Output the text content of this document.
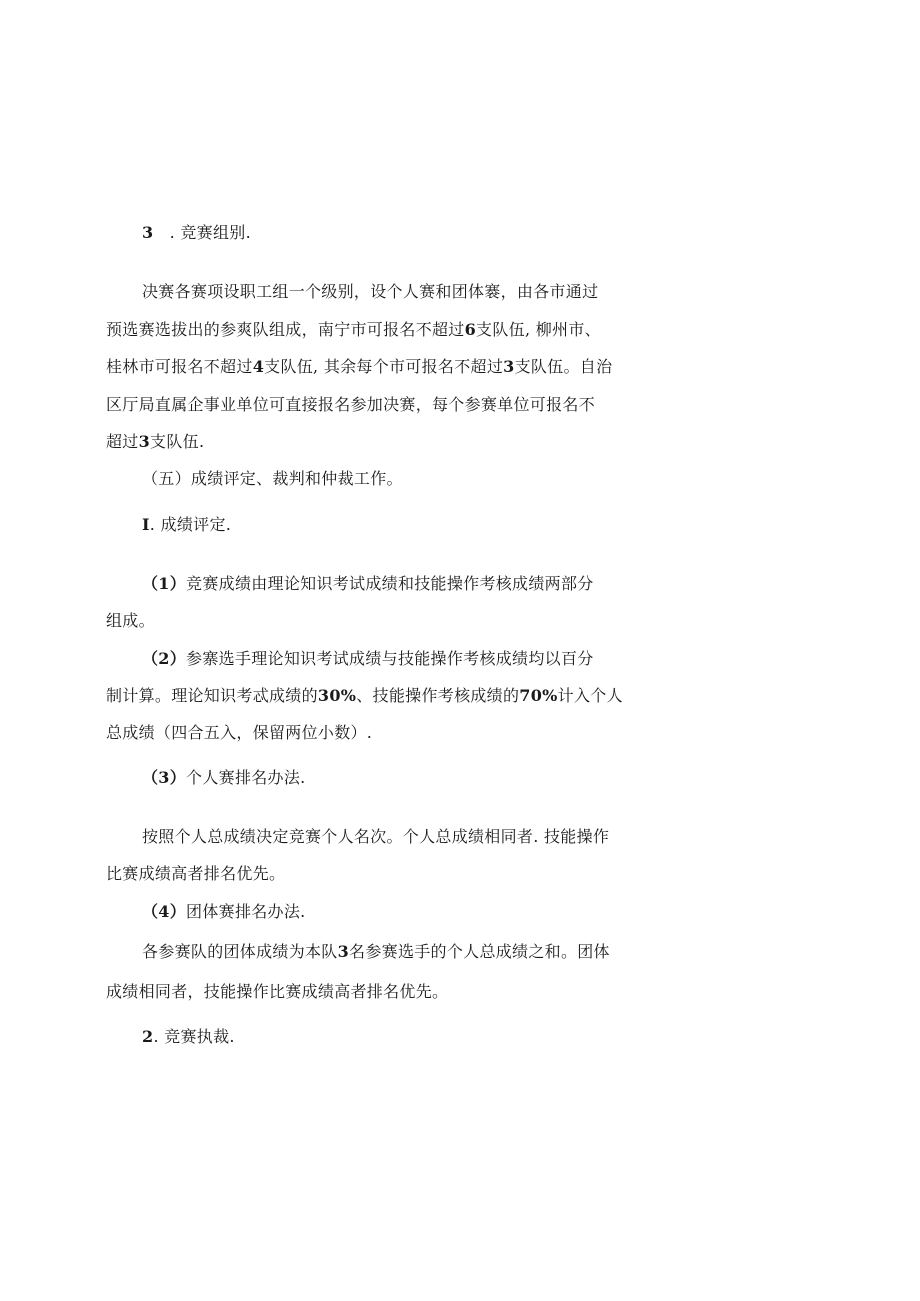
3   . 竞赛组别.
决赛各赛项设职工组一个级别，设个人赛和团体褰，由各市通过
预选赛选拔出的参爽队组成，南宁市可报名不超过6支队伍, 柳州市、
桂林市可报名不超过4支队伍, 其余每个市可报名不超过3支队伍。自治
区厅局直属企事业单位可直接报名参加决赛，每个参赛单位可报名不
超过3支队伍.
（五）成绩评定、裁判和仲裁工作。
I. 成绩评定.
（1）竞赛成绩由理论知识考试成绩和技能操作考核成绩两部分
组成。
（2）参寨选手理论知识考试成绩与技能操作考核成绩均以百分
制计算。理论知识考忒成绩的30%、技能操作考核成绩的70%计入个人
总成绩（四合五入，保留两位小数）.
（3）个人赛排名办法.
按照个人总成绩决定竞赛个人名次。个人总成绩相同者. 技能操作
比赛成绩高者排名优先。
（4）团体赛排名办法.
各参赛队的团体成绩为本队3名参赛选手的个人总成绩之和。团体
成绩相同者，技能操作比赛成绩高者排名优先。
2. 竞赛执裁.
